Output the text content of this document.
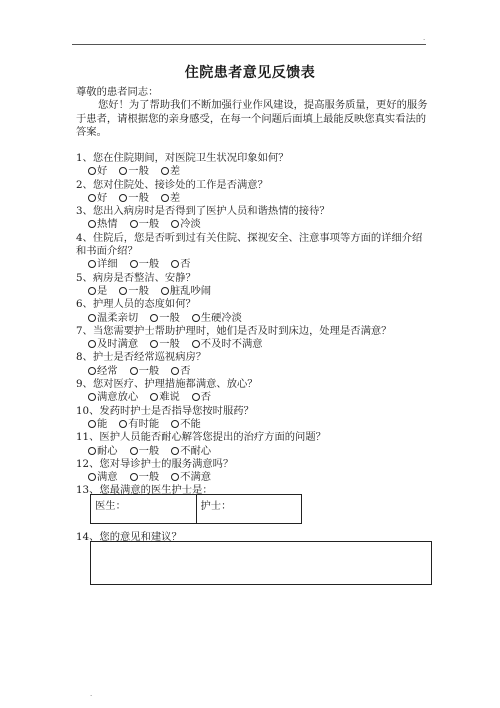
.
住院患者意见反馈表

尊敬的患者同志：

您好！为了帮助我们不断加强行业作风建设，提高服务质量，更好的服务于患者，请根据您的亲身感受，在每一个问题后面填上最能反映您真实看法的答案。

1、您在住院期间，对医院卫生状况印象如何？
好 一般 差
2、您对住院处、接诊处的工作是否满意？
好 一般 差
3、您出入病房时是否得到了医护人员和谐热情的接待？
热情 一般 冷淡
4、住院后，您是否听到过有关住院、探视安全、注意事项等方面的详细介绍和书面介绍？
详细 一般 否
5、病房是否整洁、安静？
是 一般 脏乱吵闹
6、护理人员的态度如何？
温柔亲切 一般 生硬冷淡
7、当您需要护士帮助护理时，她们是否及时到床边，处理是否满意？
及时满意 一般 不及时不满意
8、护士是否经常巡视病房？
经常 一般 否
9、您对医疗、护理措施都满意、放心？
满意放心 难说 否
10、发药时护士是否指导您按时服药？
能 有时能 不能
11、医护人员能否耐心解答您提出的治疗方面的问题？
耐心 一般 不耐心
12、您对导诊护士的服务满意吗？
满意 一般 不满意
13、您最满意的医生护士是：
医生：	护士：
14、您的意见和建议？
.
